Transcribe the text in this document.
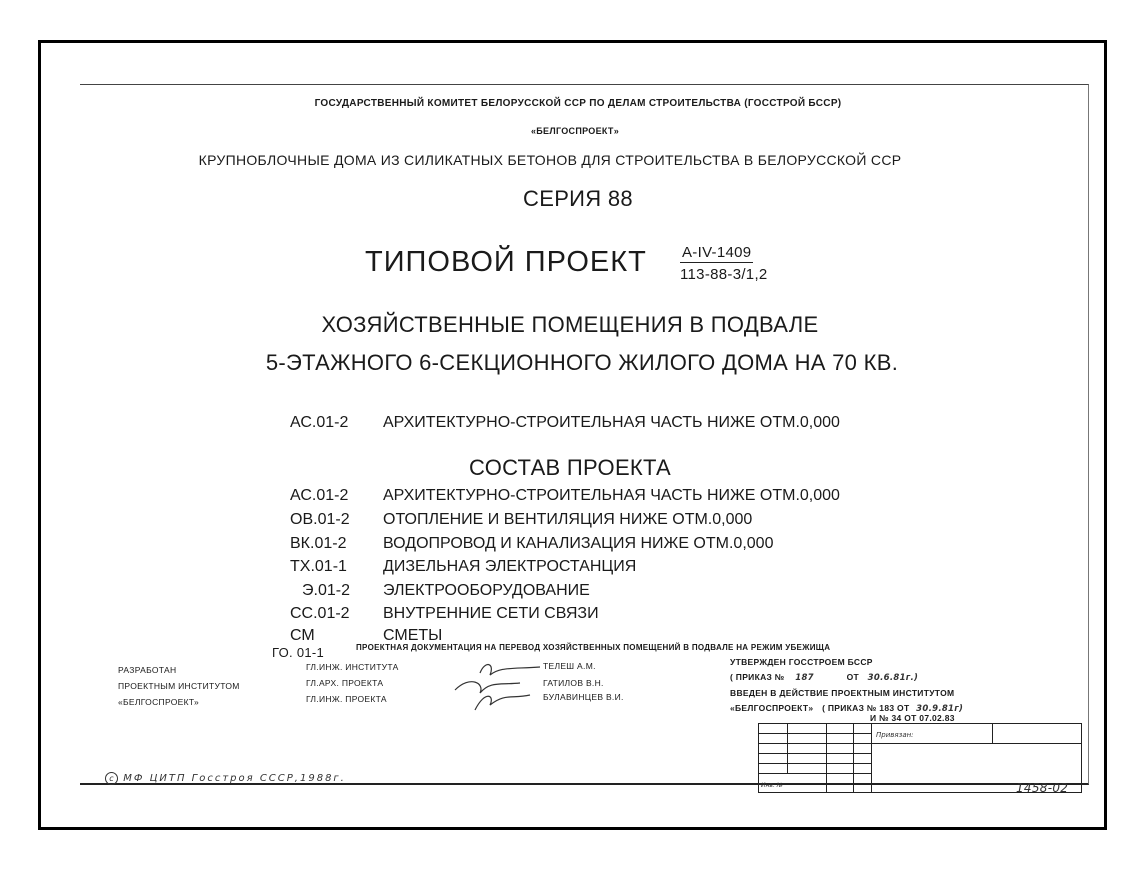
ГОСУДАРСТВЕННЫЙ КОМИТЕТ БЕЛОРУССКОЙ ССР ПО ДЕЛАМ СТРОИТЕЛЬСТВА (ГОССТРОЙ БССР)
«БЕЛГОСПРОЕКТ»
КРУПНОБЛОЧНЫЕ ДОМА ИЗ СИЛИКАТНЫХ БЕТОНОВ ДЛЯ СТРОИТЕЛЬСТВА В БЕЛОРУССКОЙ ССР
СЕРИЯ 88
ТИПОВОЙ ПРОЕКТ А-IV-1409
113-88-3/1,2
ХОЗЯЙСТВЕННЫЕ ПОМЕЩЕНИЯ В ПОДВАЛЕ
5-ЭТАЖНОГО 6-СЕКЦИОННОГО ЖИЛОГО ДОМА НА 70 КВ.
АС.01-2 АРХИТЕКТУРНО-СТРОИТЕЛЬНАЯ ЧАСТЬ НИЖЕ ОТМ.0,000
СОСТАВ ПРОЕКТА
АС.01-2 АРХИТЕКТУРНО-СТРОИТЕЛЬНАЯ ЧАСТЬ НИЖЕ ОТМ.0,000
ОВ.01-2 ОТОПЛЕНИЕ И ВЕНТИЛЯЦИЯ НИЖЕ ОТМ.0,000
ВК.01-2 ВОДОПРОВОД И КАНАЛИЗАЦИЯ НИЖЕ ОТМ.0,000
ТХ.01-1 ДИЗЕЛЬНАЯ ЭЛЕКТРОСТАНЦИЯ
Э.01-2 ЭЛЕКТРООБОРУДОВАНИЕ
СС.01-2 ВНУТРЕННИЕ СЕТИ СВЯЗИ
СМ	СМЕТЫ
ГО. 01-1	ПРОЕКТНАЯ ДОКУМЕНТАЦИЯ НА ПЕРЕВОД ХОЗЯЙСТВЕННЫХ ПОМЕЩЕНИЙ В ПОДВАЛЕ НА РЕЖИМ УБЕЖИЩА
РАЗРАБОТАН
ПРОЕКТНЫМ ИНСТИТУТОМ
«БЕЛГОСПРОЕКТ»
ГЛ.ИНЖ. ИНСТИТУТА
ГЛ.АРХ. ПРОЕКТА
ГЛ.ИНЖ. ПРОЕКТА
ТЕЛЕШ А.М.
ГАТИЛОВ В.Н.
БУЛАВИНЦЕВ В.И.
УТВЕРЖДЕН ГОССТРОЕМ БССР
( ПРИКАЗ № 187	ОТ 30.6.81г.)
ВВЕДЕН В ДЕЙСТВИЕ ПРОЕКТНЫМ ИНСТИТУТОМ
«БЕЛГОСПРОЕКТ» ( ПРИКАЗ № 183 ОТ 30.9.81г)
И № 34 ОТ 07.02.83
				Привязан:	

Инв. №					
c МФ ЦИТП Госстроя СССР,1988г.
1458-02
